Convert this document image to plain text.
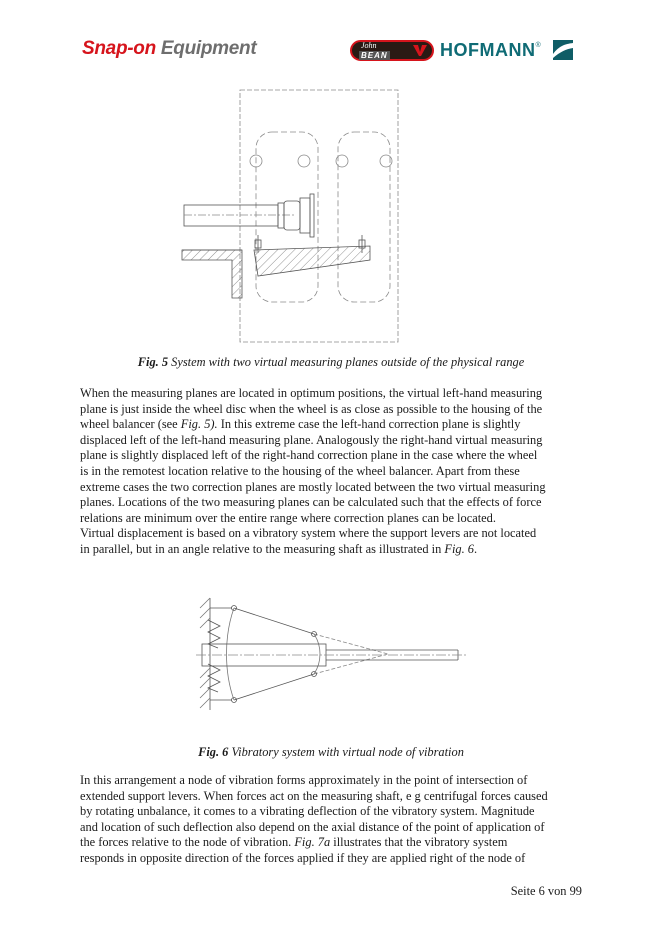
Snap-on Equipment	John
BEAN	HOFMANN®
Fig. 5 System with two virtual measuring planes outside of the physical range

When the measuring planes are located in optimum positions, the virtual left-hand measuring
plane is just inside the wheel disc when the wheel is as close as possible to the housing of the
wheel balancer (see Fig. 5). In this extreme case the left-hand correction plane is slightly
displaced left of the left-hand measuring plane. Analogously the right-hand virtual measuring
plane is slightly displaced left of the right-hand correction plane in the case where the wheel
is in the remotest location relative to the housing of the wheel balancer. Apart from these
extreme cases the two correction planes are mostly located between the two virtual measuring
planes. Locations of the two measuring planes can be calculated such that the effects of force
relations are minimum over the entire range where correction planes can be located.
Virtual displacement is based on a vibratory system where the support levers are not located
in parallel, but in an angle relative to the measuring shaft as illustrated in Fig. 6.

Fig. 6 Vibratory system with virtual node of vibration

In this arrangement a node of vibration forms approximately in the point of intersection of
extended support levers. When forces act on the measuring shaft, e g centrifugal forces caused
by rotating unbalance, it comes to a vibrating deflection of the vibratory system. Magnitude
and location of such deflection also depend on the axial distance of the point of application of
the forces relative to the node of vibration. Fig. 7a illustrates that the vibratory system
responds in opposite direction of the forces applied if they are applied right of the node of

Seite 6 von 99
